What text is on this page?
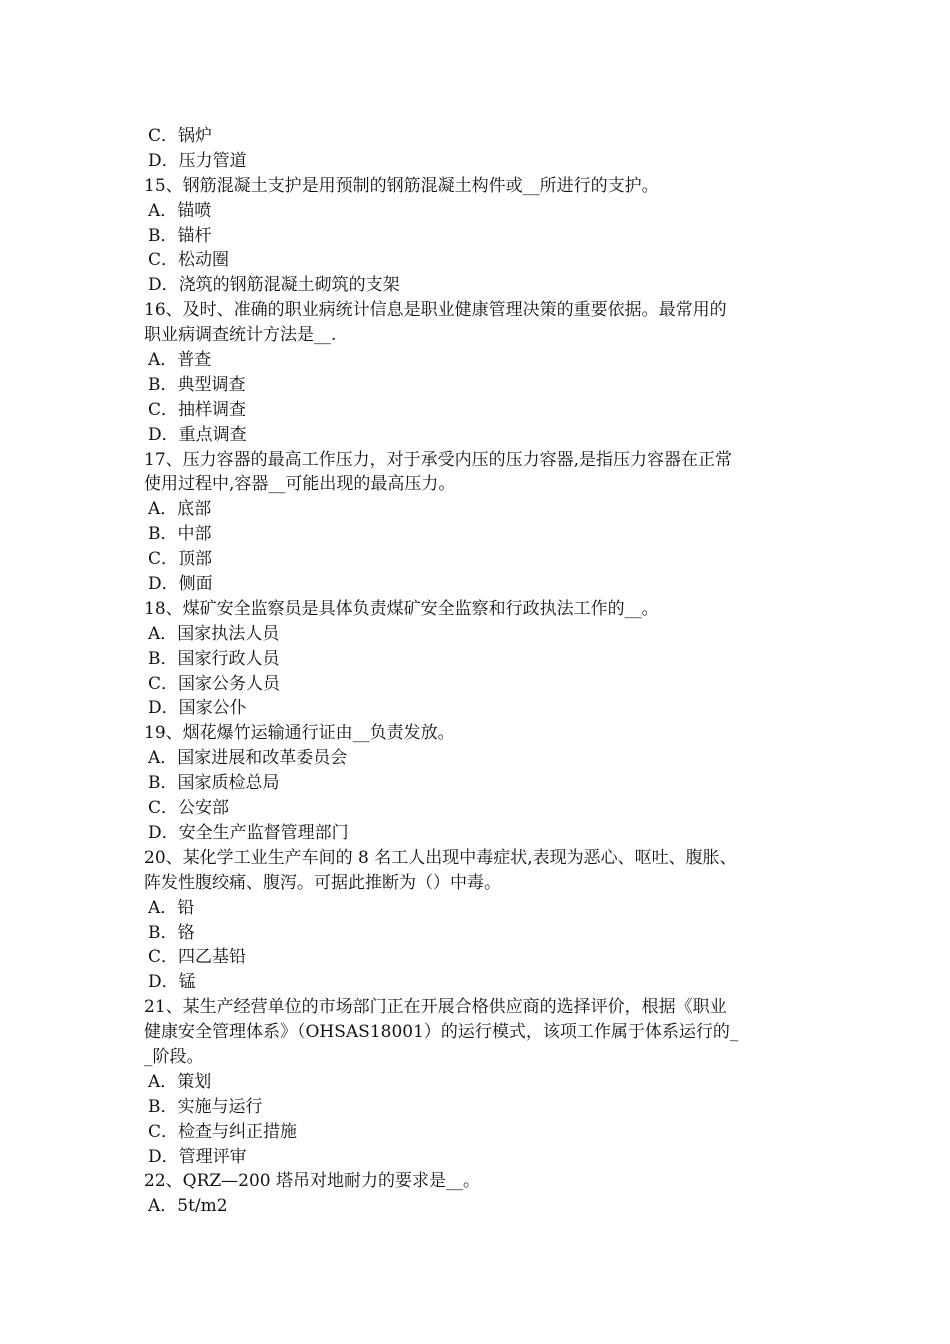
C．锅炉
D．压力管道
15、钢筋混凝土支护是用预制的钢筋混凝土构件或__所进行的支护。
A．锚喷
B．锚杆
C．松动圈
D．浇筑的钢筋混凝土砌筑的支架
16、及时、准确的职业病统计信息是职业健康管理决策的重要依据。最常用的
职业病调查统计方法是__.
A．普查
B．典型调查
C．抽样调查
D．重点调查
17、压力容器的最高工作压力，对于承受内压的压力容器,是指压力容器在正常
使用过程中,容器__可能出现的最高压力。
A．底部
B．中部
C．顶部
D．侧面
18、煤矿安全监察员是具体负责煤矿安全监察和行政执法工作的__。
A．国家执法人员
B．国家行政人员
C．国家公务人员
D．国家公仆
19、烟花爆竹运输通行证由__负责发放。
A．国家进展和改革委员会
B．国家质检总局
C．公安部
D．安全生产监督管理部门
20、某化学工业生产车间的 8 名工人出现中毒症状,表现为恶心、呕吐、腹胀、
阵发性腹绞痛、腹泻。可据此推断为（）中毒。
A．铅
B．铬
C．四乙基铅
D．锰
21、某生产经营单位的市场部门正在开展合格供应商的选择评价，根据《职业
健康安全管理体系》（OHSAS18001）的运行模式，该项工作属于体系运行的_
_阶段。
A．策划
B．实施与运行
C．检查与纠正措施
D．管理评审
22、QRZ—200 塔吊对地耐力的要求是__。
A．5t/m2
